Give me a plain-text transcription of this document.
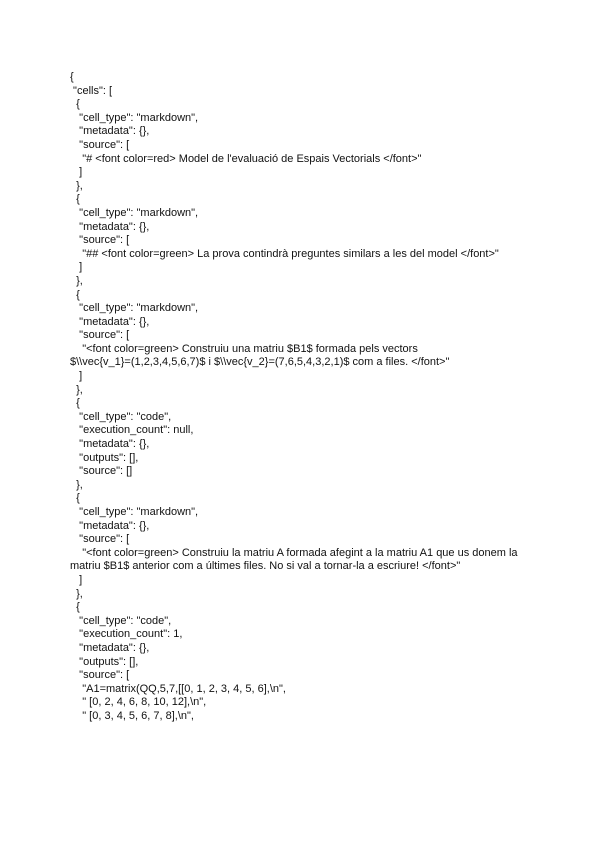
{
"cells": [
{
"cell_type": "markdown",
"metadata": {},
"source": [
"# <font color=red> Model de l'evaluació de Espais Vectorials </font>"
]
},
{
"cell_type": "markdown",
"metadata": {},
"source": [
"## <font color=green> La prova contindrà preguntes similars a les del model </font>"
]
},
{
"cell_type": "markdown",
"metadata": {},
"source": [
"<font color=green> Construiu una matriu $B1$ formada pels vectors
$\\vec{v_1}=(1,2,3,4,5,6,7)$ i $\\vec{v_2}=(7,6,5,4,3,2,1)$ com a files. </font>"
]
},
{
"cell_type": "code",
"execution_count": null,
"metadata": {},
"outputs": [],
"source": []
},
{
"cell_type": "markdown",
"metadata": {},
"source": [
"<font color=green> Construiu la matriu A formada afegint a la matriu A1 que us donem la
matriu $B1$ anterior com a últimes files. No si val a tornar-la a escriure! </font>"
]
},
{
"cell_type": "code",
"execution_count": 1,
"metadata": {},
"outputs": [],
"source": [
"A1=matrix(QQ,5,7,[[0, 1, 2, 3, 4, 5, 6],\n",
" [0, 2, 4, 6, 8, 10, 12],\n",
" [0, 3, 4, 5, 6, 7, 8],\n",
